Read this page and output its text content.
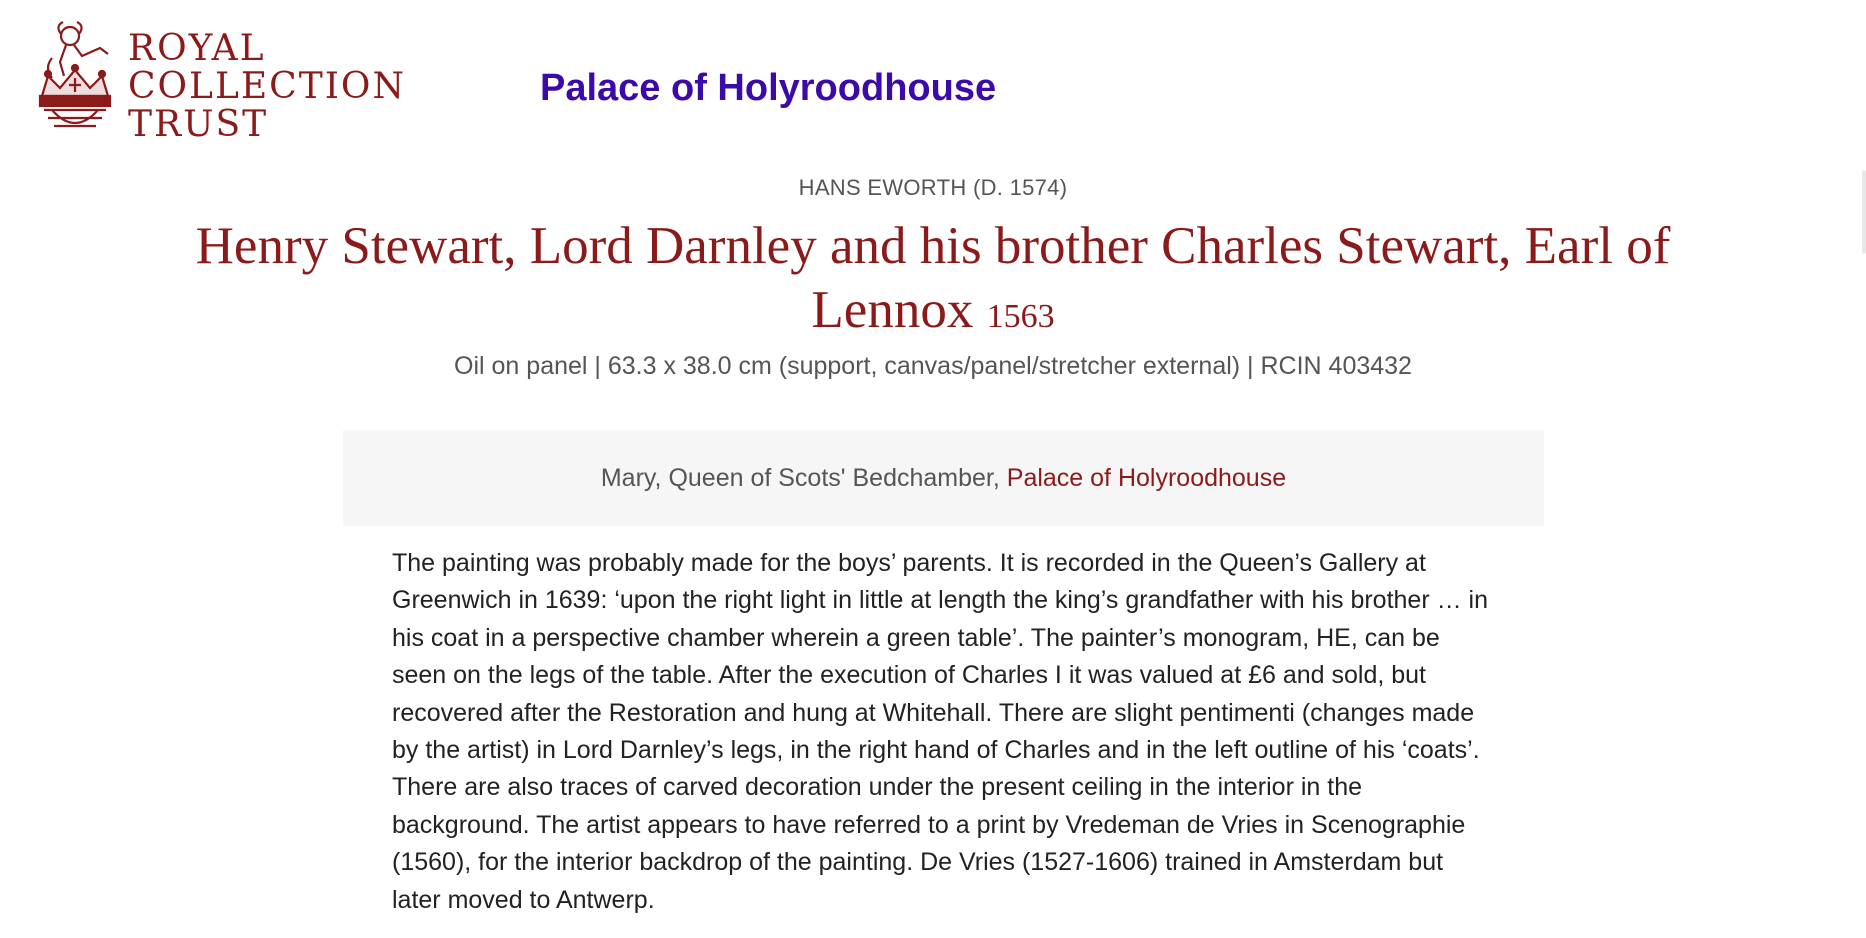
ROYAL
COLLECTION
TRUST
Palace of Holyroodhouse
HANS EWORTH (D. 1574)
Henry Stewart, Lord Darnley and his brother Charles Stewart, Earl of Lennox 1563
Oil on panel | 63.3 x 38.0 cm (support, canvas/panel/stretcher external) | RCIN 403432
Mary, Queen of Scots' Bedchamber, Palace of Holyroodhouse

The painting was probably made for the boys’ parents. It is recorded in the Queen’s Gallery at Greenwich in 1639: ‘upon the right light in little at length the king’s grandfather with his brother … in his coat in a perspective chamber wherein a green table’. The painter’s monogram, HE, can be seen on the legs of the table. After the execution of Charles I it was valued at £6 and sold, but recovered after the Restoration and hung at Whitehall. There are slight pentimenti (changes made by the artist) in Lord Darnley’s legs, in the right hand of Charles and in the left outline of his ‘coats’. There are also traces of carved decoration under the present ceiling in the interior in the background. The artist appears to have referred to a print by Vredeman de Vries in Scenographie (1560), for the interior backdrop of the painting. De Vries (1527-1606) trained in Amsterdam but later moved to Antwerp.
